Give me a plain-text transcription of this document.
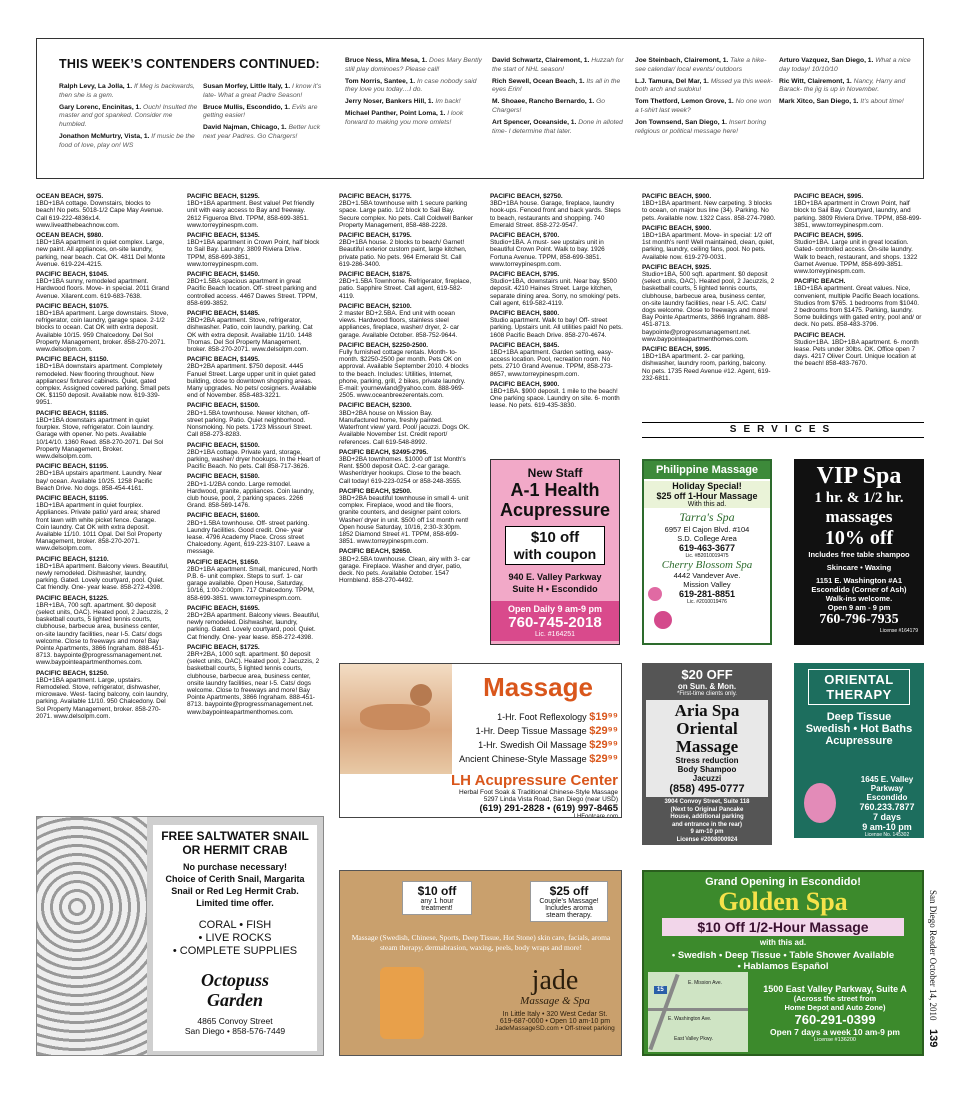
THIS WEEK’S CONTENDERS CONTINUED:
Ralph Levy, La Jolla, 1. If Meg is backwards, then she is a gem.
Gary Lorenc, Encinitas, 1. Ouch! Insulted the master and got spanked. Consider me humbled.
Jonathon McMurtry, Vista, 1. If music be the food of love, play on! WS
Susan Morfey, Little Italy, 1. I know it’s late- What a great Padre Season!
Bruce Mullis, Escondido, 1. Evils are getting easier!
David Najman, Chicago, 1. Better luck next year Padres. Go Chargers!
Bruce Ness, Mira Mesa, 1. Does Mary Bently still play dominoes? Please call!
Tom Norris, Santee, 1. In case nobody said they love you today…I do.
Jerry Noser, Bankers Hill, 1. Im back!
Michael Panther, Point Loma, 1. I look forward to making you more omlets!
David Schwartz, Clairemont, 1. Huzzah for the start of NHL season!
Rich Sewell, Ocean Beach, 1. Its all in the eyes Erin!
M. Shoaee, Rancho Bernardo, 1. Go Chargers!
Art Spencer, Oceanside, 1. Done in alloted time- I determine that later.
Joe Steinbach, Clairemont, 1. Take a hike- see calendar/ local events/ outdoors
L.J. Tamura, Del Mar, 1. Missed ya this week- both arch and sudoku!
Tom Thetford, Lemon Grove, 1. No one won a t-shirt last week?
Jon Townsend, San Diego, 1. Insert boring religious or political message here!
Arturo Vazquez, San Diego, 1. What a nice day today! 10/10/10
Ric Witt, Clairemont, 1. Nancy, Harry and Barack- the jig is up in November.
Mark Xitco, San Diego, 1. It’s about time!
OCEAN BEACH, $975.
1BD+1BA cottage. Downstairs, blocks to beach! No pets. 5018-1/2 Cape May Avenue. Call 619-222-4836x14. www.liveatthebeachnow.com.
OCEAN BEACH, $980.
1BD+1BA apartment in quiet complex. Large, new paint. All appliances, on-site laundry, parking, near beach. Cat OK. 4811 Del Monte Avenue. 619-224-4215.
PACIFIC BEACH, $1045.
1BD+1BA sunny, remodeled apartment. Hardwood floors. Move- in special. 2011 Grand Avenue. Xilarent.com. 619-683-7638.
PACIFIC BEACH, $1075.
1BD+1BA apartment. Large downstairs. Stove, refrigerator, coin laundry, garage space. 2-1/2 blocks to ocean. Cat OK with extra deposit. Available 10/15. 959 Chalcedony. Del Sol Property Management, broker. 858-270-2071. www.delsolpm.com.
PACIFIC BEACH, $1150.
1BD+1BA downstairs apartment. Completely remodeled. New flooring throughout. New appliances/ fixtures/ cabinets. Quiet, gated complex. Assigned covered parking. Small pets OK. $1150 deposit. Available now. 619-339-9951.
PACIFIC BEACH, $1185.
1BD+1BA downstairs apartment in quiet fourplex. Stove, refrigerator. Coin laundry. Garage with opener. No pets. Available 10/14/10. 1360 Reed. 858-270-2071. Del Sol Property Management, Broker. www.delsolpm.com.
PACIFIC BEACH, $1195.
2BD+1BA upstairs apartment. Laundry. Near bay/ ocean. Available 10/25. 1258 Pacific Beach Drive. No dogs. 858-454-4161.
PACIFIC BEACH, $1195.
1BD+1BA apartment in quiet fourplex. Appliances. Private patio/ yard area; shared front lawn with white picket fence. Garage. Coin laundry. Cat OK with extra deposit. Available 11/10. 1011 Opal. Del Sol Property Management, broker. 858-270-2071. www.delsolpm.com.
PACIFIC BEACH, $1210.
1BD+1BA apartment. Balcony views. Beautiful, newly remodeled. Dishwasher, laundry, parking. Gated. Lovely courtyard, pool. Quiet. Cat friendly. One- year lease. 858-272-4398.
PACIFIC BEACH, $1225.
1BR+1BA, 700 sqft. apartment. $0 deposit (select units, OAC). Heated pool, 2 Jacuzzis, 2 basketball courts, 5 lighted tennis courts, clubhouse, barbecue area, business center, on-site laundry facilities, near I-5. Cats/ dogs welcome. Close to freeways and more! Bay Pointe Apartments, 3866 Ingraham. 888-451-8713. baypointe@progressmanagement.net. www.baypointeapartmenthomes.com.
PACIFIC BEACH, $1250.
1BD+1BA apartment. Large, upstairs. Remodeled. Stove, refrigerator, dishwasher, microwave. West- facing balcony, coin laundry, parking. Available 11/10. 950 Chalcedony. Del Sol Property Management, broker. 858-270-2071. www.delsolpm.com.
PACIFIC BEACH, $1295.
1BD+1BA apartment. Best value! Pet friendly unit with easy access to Bay and freeway. 2612 Figueroa Blvd. TPPM, 858-699-3851. www.torreypinespm.com.
PACIFIC BEACH, $1345.
1BD+1BA apartment in Crown Point, half block to Sail Bay. Laundry. 3809 Riviera Drive. TPPM, 858-699-3851, www.torreypinespm.com.
PACIFIC BEACH, $1450.
2BD+1.5BA spacious apartment in great Pacific Beach location. Off- street parking and controlled access. 4467 Dawes Street. TPPM, 858-699-3852.
PACIFIC BEACH, $1485.
2BD+2BA apartment. Stove, refrigerator, dishwasher. Patio, coin laundry, parking. Cat OK with extra deposit. Available 11/10. 1448 Thomas. Del Sol Property Management, broker. 858-270-2071. www.delsolpm.com.
PACIFIC BEACH, $1495.
2BD+2BA apartment. $750 deposit. 4445 Fanuel Street. Large upper unit in quiet gated building, close to downtown shopping areas. Many upgrades. No pets/ cosigners. Available end of November. 858-483-3221.
PACIFIC BEACH, $1500.
2BD+1.5BA townhouse. Newer kitchen, off- street parking. Patio. Quiet neighborhood. Nonsmoking. No pets. 1723 Missouri Street. Call 858-273-8283.
PACIFIC BEACH, $1500.
2BD+1BA cottage. Private yard, storage, parking, washer/ dryer hookups. In the Heart of Pacific Beach. No pets. Call 858-717-3626.
PACIFIC BEACH, $1580.
2BD+1-1/2BA condo. Large remodel. Hardwood, granite, appliances. Coin laundry, club house, pool, 2 parking spaces. 2266 Grand. 858-569-1476.
PACIFIC BEACH, $1600.
2BD+1.5BA townhouse. Off- street parking. Laundry facilities. Good credit. One- year lease. 4796 Academy Place. Cross street Chalcedony. Agent, 619-223-3107. Leave a message.
PACIFIC BEACH, $1650.
2BD+1BA apartment. Small, manicured, North P.B. 6- unit complex. Steps to surf. 1- car garage available. Open House, Saturday, 10/16, 1:00-2:00pm. 717 Chalcedony. TPPM, 858-699-3851. www.torreypinespm.com.
PACIFIC BEACH, $1695.
2BD+2BA apartment. Balcony views. Beautiful, newly remodeled. Dishwasher, laundry, parking. Gated. Lovely courtyard, pool. Quiet. Cat friendly. One- year lease. 858-272-4398.
PACIFIC BEACH, $1725.
2BR+2BA, 1000 sqft. apartment. $0 deposit (select units, OAC). Heated pool, 2 Jacuzzis, 2 basketball courts, 5 lighted tennis courts, clubhouse, barbecue area, business center, onsite laundry facilities, near I-5. Cats/ dogs welcome. Close to freeways and more! Bay Pointe Apartments, 3866 Ingraham. 888-451-8713. baypointe@progressmanagement.net. www.baypointeapartmenthomes.com.
PACIFIC BEACH, $1775.
2BD+1.5BA townhouse with 1 secure parking space. Large patio. 1/2 block to Sail Bay. Secure complex. No pets. Call Coldwell Banker Property Management, 858-488-2228.
PACIFIC BEACH, $1795.
2BD+1BA house. 2 blocks to beach/ Garnet! Beautiful exterior custom paint, large kitchen, private patio. No pets. 964 Emerald St. Call 619-286-3400.
PACIFIC BEACH, $1875.
2BD+1.5BA Townhome. Refrigerator, fireplace, patio. Sapphire Street. Call agent, 619-582-4119.
PACIFIC BEACH, $2100.
2 master BD+2.5BA. End unit with ocean views. Hardwood floors, stainless steel appliances, fireplace, washer/ dryer, 2- car garage. Available October. 858-752-9644.
PACIFIC BEACH, $2250-2500.
Fully furnished cottage rentals. Month- to- month. $2250-2500 per month. Pets OK on approval. Available September 2010. 4 blocks to the beach. Includes: Utilities, Internet, phone, parking, grill, 2 bikes, private laundry. E-mail: yournewland@yahoo.com. 888-969-2505. www.oceanbreezerentals.com.
PACIFIC BEACH, $2300.
3BD+2BA house on Mission Bay. Manufactured home, freshly painted. Waterfront view/ yard. Pool/ jacuzzi. Dogs OK. Available November 1st. Credit report/ references. Call 619-548-8992.
PACIFIC BEACH, $2495-2795.
3BD+2BA townhomes. $1000 off 1st Month's Rent. $500 deposit OAC. 2-car garage. Washer/dryer hookups. Close to the beach. Call today! 619-223-0254 or 858-248-3555.
PACIFIC BEACH, $2500.
3BD+2BA beautiful townhouse in small 4- unit complex. Fireplace, wood and tile floors, granite counters, and designer paint colors. Washer/ dryer in unit. $500 off 1st month rent! Open house Saturday, 10/16, 2:30-3:30pm. 1852 Diamond Street #1. TPPM, 858-699-3851. www.torreypinespm.com.
PACIFIC BEACH, $2650.
3BD+2.5BA townhouse. Clean, airy with 3- car garage. Fireplace. Washer and dryer, patio, deck. No pets. Available October. 1547 Hornblend. 858-270-4492.
PACIFIC BEACH, $2750.
3BD+1BA house. Garage, fireplace, laundry hook-ups. Fenced front and back yards. Steps to beach, restaurants and shopping. 740 Emerald Street. 858-272-9547.
PACIFIC BEACH, $700.
Studio+1BA. A must- see upstairs unit in beautiful Crown Point. Walk to bay. 1926 Fortuna Avenue. TPPM, 858-699-3851. www.torreypinespm.com.
PACIFIC BEACH, $795.
Studio+1BA, downstairs unit. Near bay. $500 deposit. 4210 Haines Street. Large kitchen, separate dining area. Sorry, no smoking/ pets. Call agent, 619-582-4119.
PACIFIC BEACH, $800.
Studio apartment. Walk to bay! Off- street parking. Upstairs unit. All utilities paid! No pets. 1608 Pacific Beach Drive. 858-270-4674.
PACIFIC BEACH, $845.
1BD+1BA apartment. Garden setting, easy- access location. Pool, recreation room. No pets. 2710 Grand Avenue. TPPM, 858-273-8657, www.torreypinespm.com.
PACIFIC BEACH, $900.
1BD+1BA. $900 deposit. 1 mile to the beach! One parking space. Laundry on site. 6- month lease. No pets. 619-435-3830.
PACIFIC BEACH, $900.
1BD+1BA apartment. New carpeting. 3 blocks to ocean, on major bus line (34). Parking. No pets. Available now. 1322 Cass. 858-274-7980.
PACIFIC BEACH, $900.
1BD+1BA apartment. Move- in special: 1/2 off 1st month's rent! Well maintained, clean, quiet, parking, laundry, ceiling fans, pool. No pets. Available now. 619-279-0031.
PACIFIC BEACH, $925.
Studio+1BA, 500 sqft. apartment. $0 deposit (select units, OAC). Heated pool, 2 Jacuzzis, 2 basketball courts, 5 lighted tennis courts, clubhouse, barbecue area, business center, on-site laundry facilities, near I-5. A/C. Cats/ dogs welcome. Close to freeways and more! Bay Pointe Apartments, 3866 Ingraham. 888-451-8713. baypointe@progressmanagement.net. www.baypointeapartmenthomes.com.
PACIFIC BEACH, $995.
1BD+1BA apartment. 2- car parking, dishwasher, laundry room, parking, balcony. No pets. 1735 Reed Avenue #12. Agent, 619-232-6811.
PACIFIC BEACH, $995.
1BD+1BA apartment in Crown Point, half block to Sail Bay. Courtyard, laundry, and parking. 3809 Riviera Drive. TPPM, 858-699-3851, www.torreypinespm.com.
PACIFIC BEACH, $995.
Studio+1BA. Large unit in great location. Gated- controlled access. On-site laundry. Walk to beach, restaurant, and shops. 1322 Garnet Avenue. TPPM, 858-699-3851. www.torreypinespm.com.
PACIFIC BEACH.
1BD+1BA apartment. Great values. Nice, convenient, multiple Pacific Beach locations. Studios from $765. 1 bedrooms from $1040. 2 bedrooms from $1475. Parking, laundry. Some buildings with gated entry, pool and/ or deck. No pets. 858-483-3796.
PACIFIC BEACH.
Studio+1BA. 1BD+1BA apartment. 6- month lease. Pets under 30lbs. OK. Office open 7 days. 4217 Oliver Court. Unique location at the beach! 858-483-7670.
SERVICES
New Staff
A-1 Health
Acupressure
$10 off
with coupon
940 E. Valley Parkway
Suite H • Escondido
Open Daily 9 am-9 pm
760-745-2018
Lic. #164251
Philippine Massage
Holiday Special!
$25 off 1-Hour Massage
With this ad.
Tarra's Spa
6957 El Cajon Blvd. #104
S.D. College Area
619-463-3677
Lic. #B2010019475
Cherry Blossom Spa
4442 Vandever Ave.
Mission Valley
619-281-8851
Lic. #2010019476
VIP Spa
1 hr. & 1/2 hr.
massages
10% off
Includes free table shampoo
Skincare • Waxing
1151 E. Washington #A1
Escondido (Corner of Ash)
Walk-ins welcome.
Open 9 am - 9 pm
760-796-7935
License #164179
Massage
1-Hr. Foot Reflexology $19⁹⁹
1-Hr. Deep Tissue Massage $29⁹⁹
1-Hr. Swedish Oil Massage $29⁹⁹
Ancient Chinese-Style Massage $29⁹⁹
LH Acupressure Center
Herbal Foot Soak & Traditional Chinese-Style Massage
5297 Linda Vista Road, San Diego (near USD)
(619) 291-2828 • (619) 997-8465
LHFootcare.com
$20 OFF
on Sun. & Mon.
*First-time clients only.
Aria Spa
Oriental
Massage
Stress reduction
Body Shampoo
Jacuzzi
(858) 495-0777
3904 Convoy Street, Suite 118
(Next to Original Pancake
House, additional parking
and entrance in the rear)
9 am-10 pm
License #2008000924
ORIENTAL
THERAPY
Deep Tissue
Swedish • Hot Baths
Acupressure
1645 E. Valley Parkway
Escondido
760.233.7877
7 days
9 am-10 pm
License No. 145302
FREE SALTWATER SNAIL
OR HERMIT CRAB
No purchase necessary!
Choice of Cerith Snail, Margarita
Snail or Red Leg Hermit Crab.
Limited time offer.
CORAL • FISH
• LIVE ROCKS
• COMPLETE SUPPLIES
Octopuss
Garden
4865 Convoy Street
San Diego • 858-576-7449
$10 off
any 1 hour
treatment!
$25 off
Couple's Massage!
Includes aroma
steam therapy.
Massage (Swedish, Chinese, Sports, Deep Tissue, Hot Stone) skin care, facials, aroma steam therapy, dermabrasion, waxing, peels, body wraps and more!
jade
Massage & Spa
In Little Italy • 320 West Cedar St.
619-687-0000 • Open 10 am-10 pm
JadeMassageSD.com • Off-street parking
Grand Opening in Escondido!
Golden Spa
$10 Off 1/2-Hour Massage
with this ad.
• Swedish • Deep Tissue • Table Shower Available
• Hablamos Español
15
E. Mission Ave.
E. Washington Ave.
East Valley Pkwy.
1500 East Valley Parkway, Suite A
(Across the street from
Home Depot and Auto Zone)
760-291-0399
Open 7 days a week 10 am-9 pm
License #136200
San Diego Reader October 14, 2010 139
